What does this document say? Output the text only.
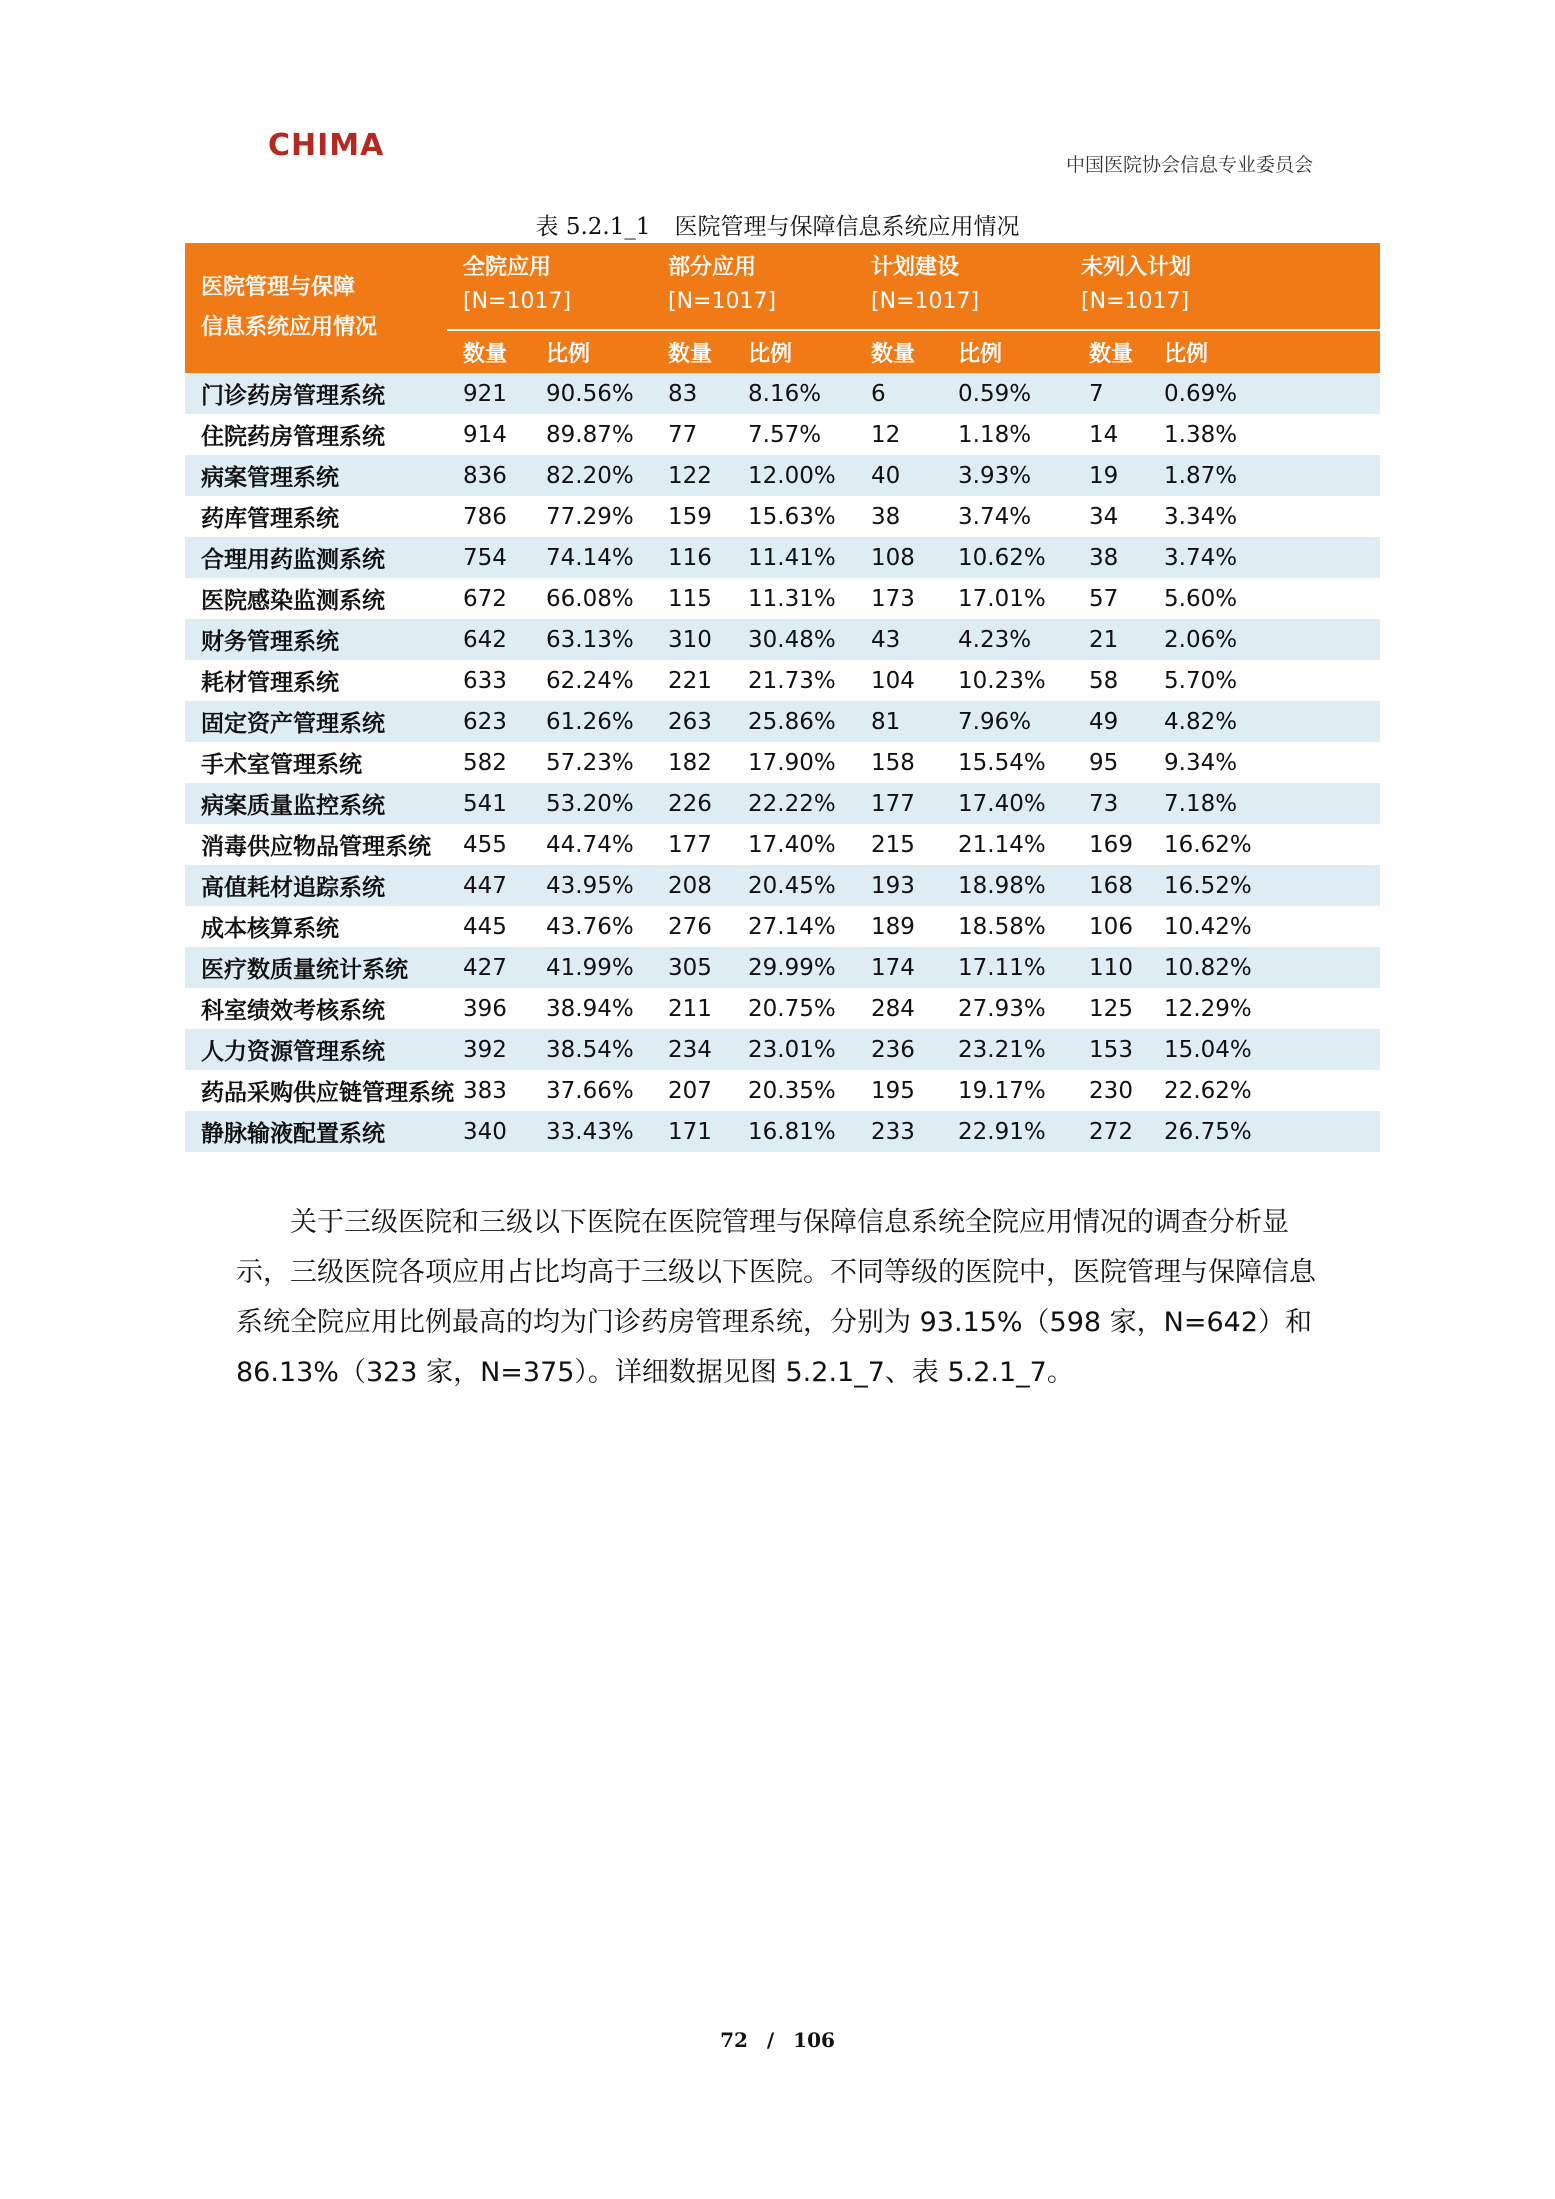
CHIMA
中国医院协会信息专业委员会
表 5.2.1_1 医院管理与保障信息系统应用情况
医院管理与保障
信息系统应用情况	全院应用		部分应用		计划建设		未列入计划	
	[N=1017]		[N=1017]		[N=1017]		[N=1017]	
	数量	比例	数量	比例	数量	比例	数量	比例
门诊药房管理系统	921	90.56%	83	8.16%	6	0.59%	7	0.69%
住院药房管理系统	914	89.87%	77	7.57%	12	1.18%	14	1.38%
病案管理系统	836	82.20%	122	12.00%	40	3.93%	19	1.87%
药库管理系统	786	77.29%	159	15.63%	38	3.74%	34	3.34%
合理用药监测系统	754	74.14%	116	11.41%	108	10.62%	38	3.74%
医院感染监测系统	672	66.08%	115	11.31%	173	17.01%	57	5.60%
财务管理系统	642	63.13%	310	30.48%	43	4.23%	21	2.06%
耗材管理系统	633	62.24%	221	21.73%	104	10.23%	58	5.70%
固定资产管理系统	623	61.26%	263	25.86%	81	7.96%	49	4.82%
手术室管理系统	582	57.23%	182	17.90%	158	15.54%	95	9.34%
病案质量监控系统	541	53.20%	226	22.22%	177	17.40%	73	7.18%
消毒供应物品管理系统	455	44.74%	177	17.40%	215	21.14%	169	16.62%
高值耗材追踪系统	447	43.95%	208	20.45%	193	18.98%	168	16.52%
成本核算系统	445	43.76%	276	27.14%	189	18.58%	106	10.42%
医疗数质量统计系统	427	41.99%	305	29.99%	174	17.11%	110	10.82%
科室绩效考核系统	396	38.94%	211	20.75%	284	27.93%	125	12.29%
人力资源管理系统	392	38.54%	234	23.01%	236	23.21%	153	15.04%
药品采购供应链管理系统	383	37.66%	207	20.35%	195	19.17%	230	22.62%
静脉输液配置系统	340	33.43%	171	16.81%	233	22.91%	272	26.75%

关于三级医院和三级以下医院在医院管理与保障信息系统全院应用情况的调查分析显示，三级医院各项应用占比均高于三级以下医院。不同等级的医院中，医院管理与保障信息系统全院应用比例最高的均为门诊药房管理系统，分别为 93.15%（598 家，N=642）和 86.13%（323 家，N=375）。详细数据见图 5.2.1_7、表 5.2.1_7。

72 / 106
